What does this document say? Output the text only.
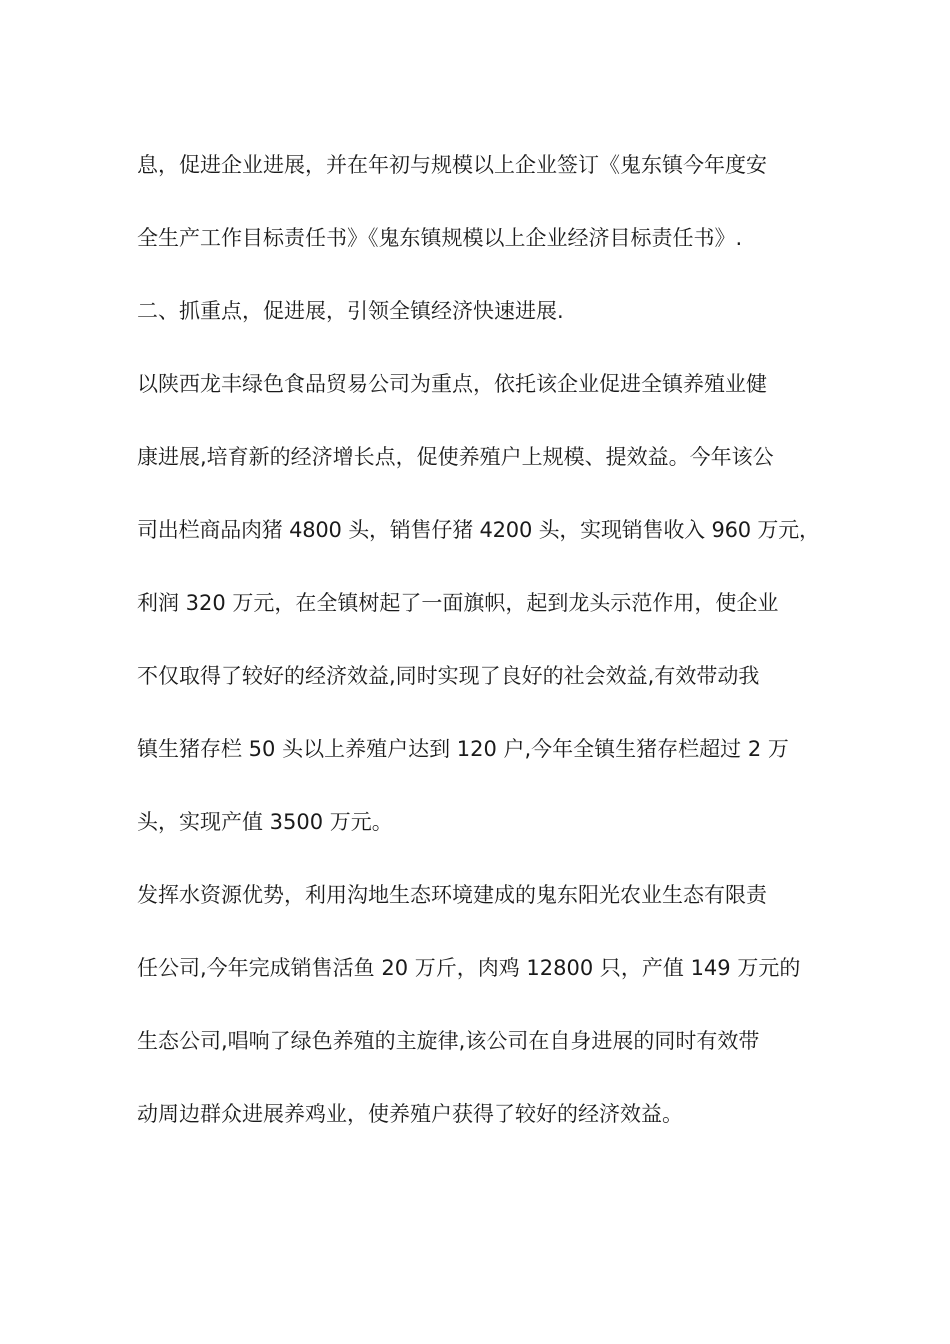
息，促进企业进展，并在年初与规模以上企业签订《鬼东镇今年度安
全生产工作目标责任书》《鬼东镇规模以上企业经济目标责任书》.
二、抓重点，促进展，引领全镇经济快速进展.
以陕西龙丰绿色食品贸易公司为重点，依托该企业促进全镇养殖业健
康进展,培育新的经济增长点，促使养殖户上规模、提效益。今年该公
司出栏商品肉猪 4800 头，销售仔猪 4200 头，实现销售收入 960 万元，
利润 320 万元，在全镇树起了一面旗帜，起到龙头示范作用，使企业
不仅取得了较好的经济效益,同时实现了良好的社会效益,有效带动我
镇生猪存栏 50 头以上养殖户达到 120 户,今年全镇生猪存栏超过 2 万
头，实现产值 3500 万元。
发挥水资源优势，利用沟地生态环境建成的鬼东阳光农业生态有限责
任公司,今年完成销售活鱼 20 万斤，肉鸡 12800 只，产值 149 万元的
生态公司,唱响了绿色养殖的主旋律,该公司在自身进展的同时有效带
动周边群众进展养鸡业，使养殖户获得了较好的经济效益。
